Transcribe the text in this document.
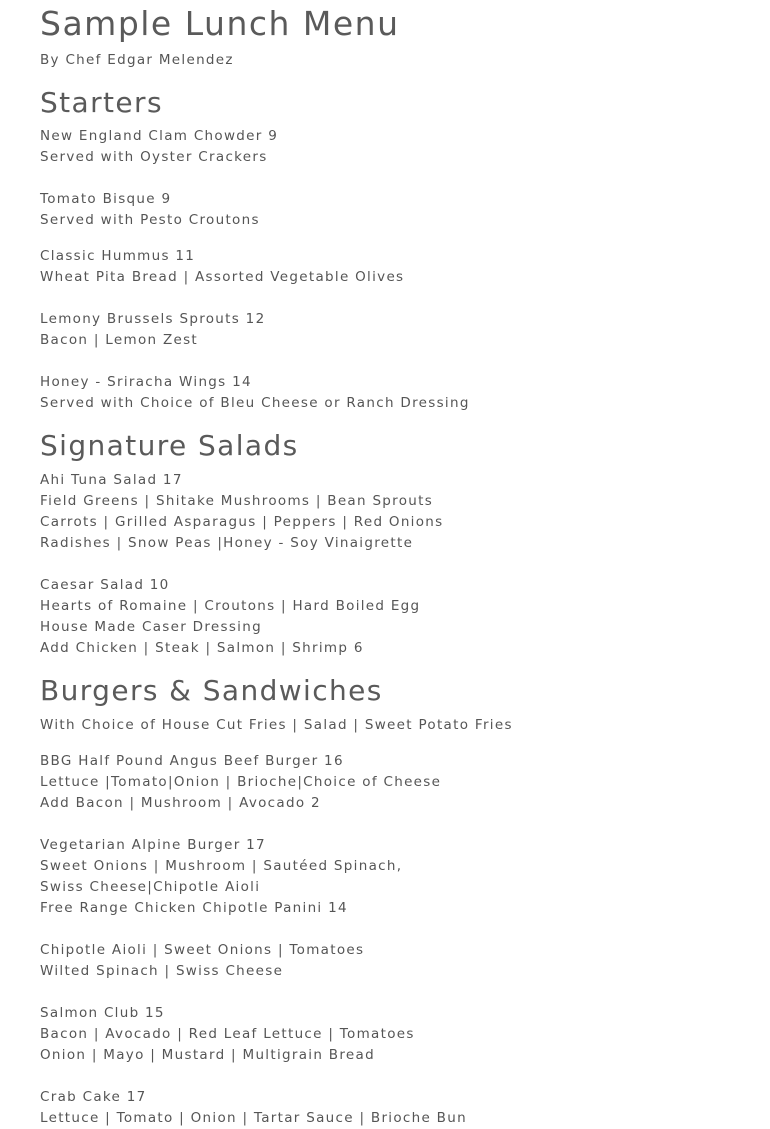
Sample Lunch Menu
By Chef Edgar Melendez
Starters
New England Clam Chowder 9
Served with Oyster Crackers
Tomato Bisque 9
Served with Pesto Croutons
Classic Hummus 11
Wheat Pita Bread | Assorted Vegetable Olives
Lemony Brussels Sprouts 12
Bacon | Lemon Zest
Honey - Sriracha Wings 14
Served with Choice of Bleu Cheese or Ranch Dressing
Signature Salads
Ahi Tuna Salad 17
Field Greens | Shitake Mushrooms | Bean Sprouts
Carrots | Grilled Asparagus | Peppers | Red Onions
Radishes | Snow Peas |Honey - Soy Vinaigrette
Caesar Salad 10
Hearts of Romaine | Croutons | Hard Boiled Egg
House Made Caser Dressing
Add Chicken | Steak | Salmon | Shrimp 6
Burgers & Sandwiches
With Choice of House Cut Fries | Salad | Sweet Potato Fries
BBG Half Pound Angus Beef Burger 16
Lettuce |Tomato|Onion | Brioche|Choice of Cheese
Add Bacon | Mushroom | Avocado 2
Vegetarian Alpine Burger 17
Sweet Onions | Mushroom | Sautéed Spinach,
Swiss Cheese|Chipotle Aioli
Free Range Chicken Chipotle Panini 14
Chipotle Aioli | Sweet Onions | Tomatoes
Wilted Spinach | Swiss Cheese
Salmon Club 15
Bacon | Avocado | Red Leaf Lettuce | Tomatoes
Onion | Mayo | Mustard | Multigrain Bread
Crab Cake 17
Lettuce | Tomato | Onion | Tartar Sauce | Brioche Bun
